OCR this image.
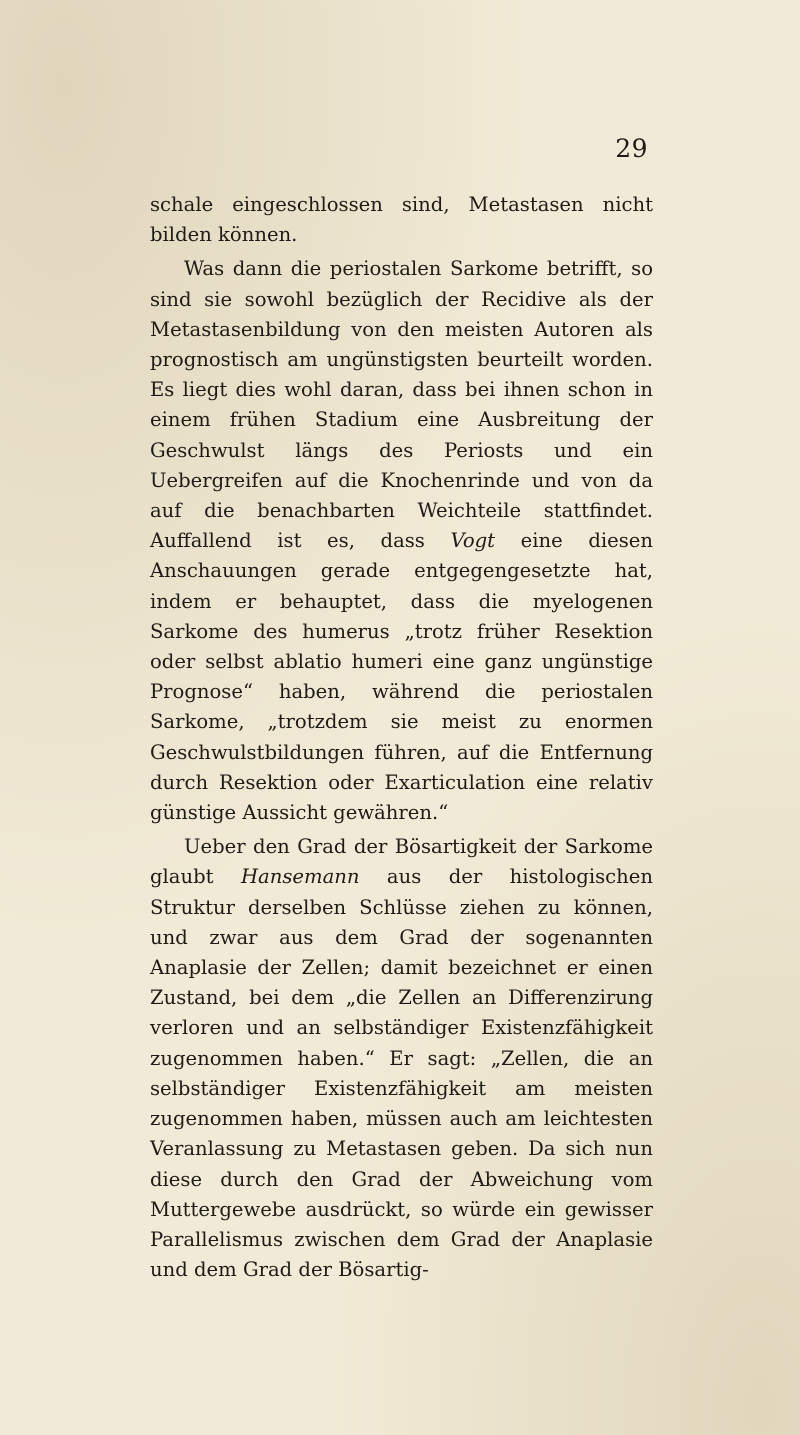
29

schale eingeschlossen sind, Metastasen nicht bilden können.

Was dann die periostalen Sarkome betrifft, so sind sie sowohl bezüglich der Recidive als der Metastasenbildung von den meisten Autoren als prognostisch am ungünstigsten beurteilt worden. Es liegt dies wohl daran, dass bei ihnen schon in einem frühen Stadium eine Ausbreitung der Geschwulst längs des Periosts und ein Uebergreifen auf die Knochenrinde und von da auf die benachbarten Weichteile stattfindet. Auffallend ist es, dass Vogt eine diesen Anschauungen gerade entgegengesetzte hat, indem er behauptet, dass die myelogenen Sarkome des humerus „trotz früher Resektion oder selbst ablatio humeri eine ganz ungünstige Prognose“ haben, während die periostalen Sarkome, „trotzdem sie meist zu enormen Geschwulstbildungen führen, auf die Entfernung durch Resektion oder Exarticulation eine relativ günstige Aussicht gewähren.“

Ueber den Grad der Bösartigkeit der Sarkome glaubt Hansemann aus der histologischen Struktur derselben Schlüsse ziehen zu können, und zwar aus dem Grad der sogenannten Anaplasie der Zellen; damit bezeichnet er einen Zustand, bei dem „die Zellen an Differenzirung verloren und an selbständiger Existenzfähigkeit zugenommen haben.“ Er sagt: „Zellen, die an selbständiger Existenzfähigkeit am meisten zugenommen haben, müssen auch am leichtesten Veranlassung zu Metastasen geben. Da sich nun diese durch den Grad der Abweichung vom Muttergewebe ausdrückt, so würde ein gewisser Parallelismus zwischen dem Grad der Anaplasie und dem Grad der Bösartig-
